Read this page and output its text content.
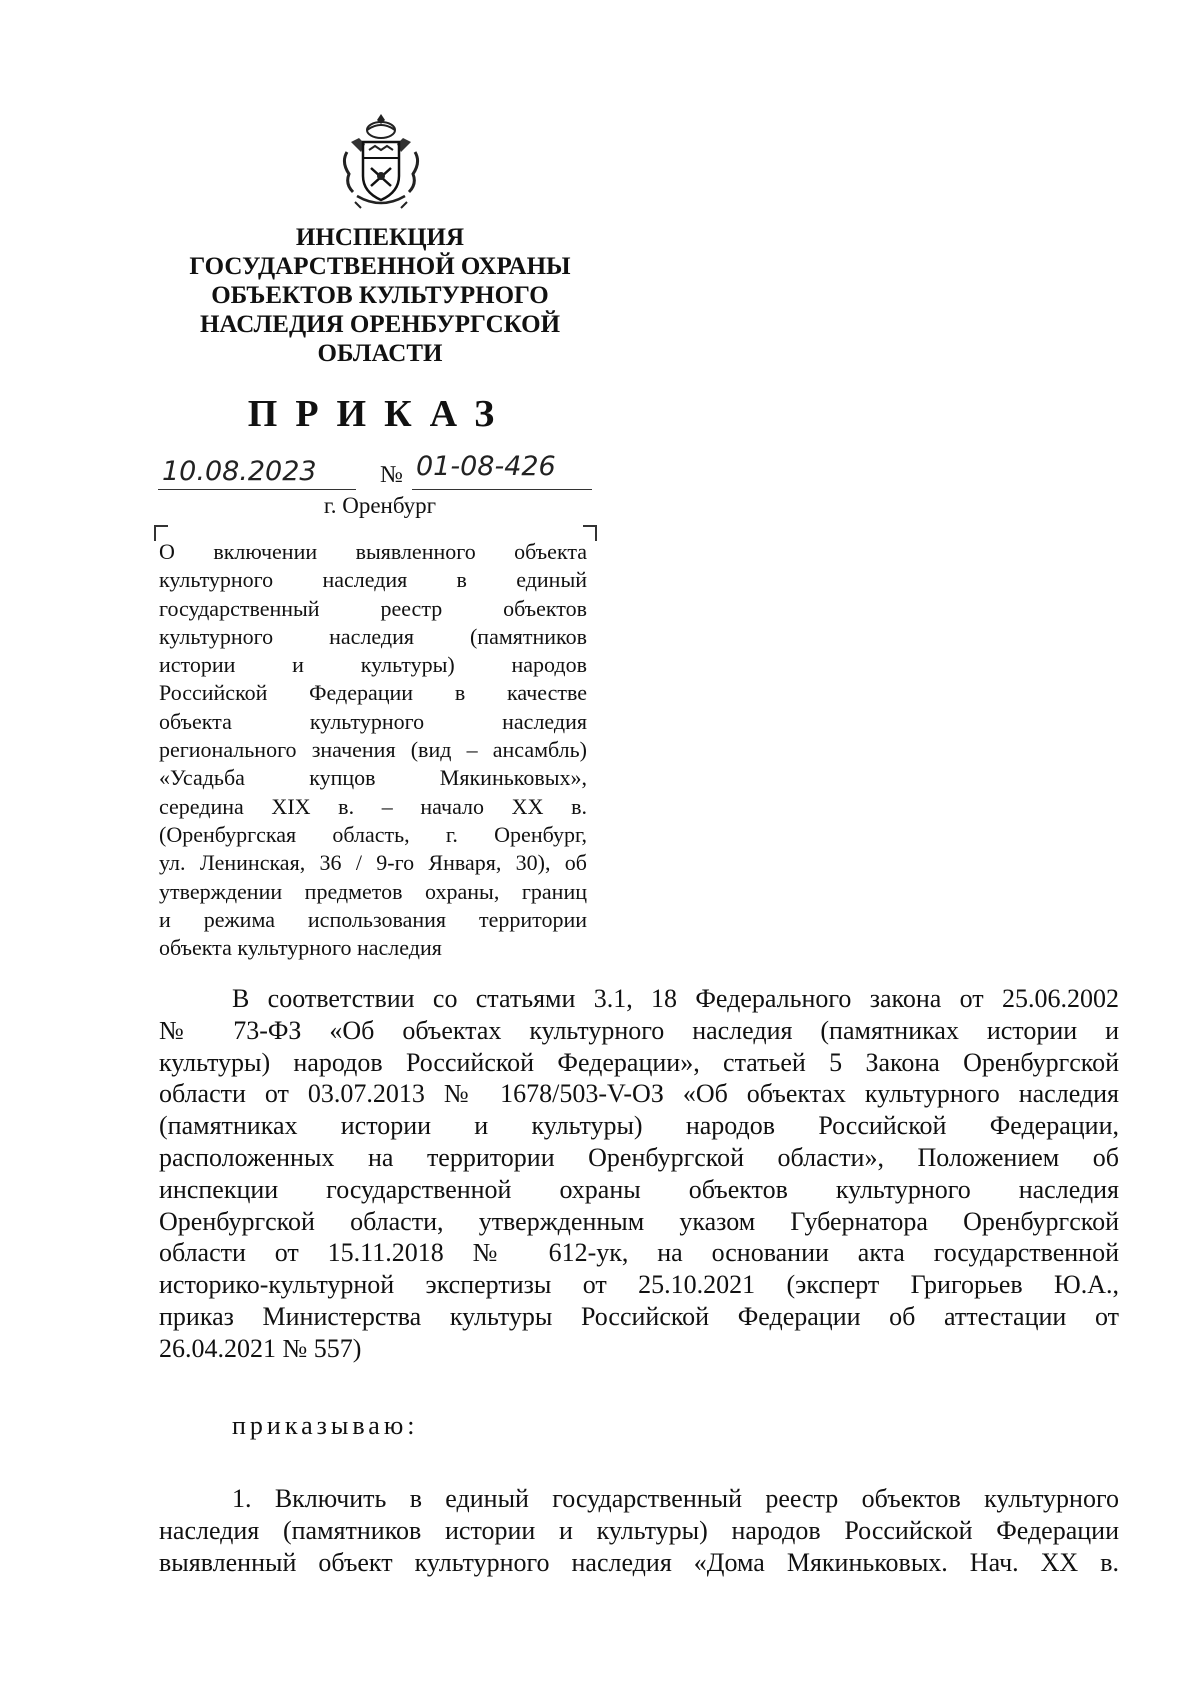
ИНСПЕКЦИЯ
ГОСУДАРСТВЕННОЙ ОХРАНЫ
ОБЪЕКТОВ КУЛЬТУРНОГО
НАСЛЕДИЯ ОРЕНБУРГСКОЙ
ОБЛАСТИ
ПРИКАЗ
10.08.2023	№ 01-08-426
г. Оренбург
О включении выявленного объекта
культурного наследия в единый
государственный реестр объектов
культурного наследия (памятников
истории и культуры) народов
Российской Федерации в качестве
объекта культурного наследия
регионального значения (вид – ансамбль)
«Усадьба купцов Мякиньковых»,
середина XIX в. – начало XX в.
(Оренбургская область, г. Оренбург,
ул. Ленинская, 36 / 9-го Января, 30), об
утверждении предметов охраны, границ
и режима использования территории
объекта культурного наследия
В соответствии со статьями 3.1, 18 Федерального закона от 25.06.2002
№ 73-ФЗ «Об объектах культурного наследия (памятниках истории и
культуры) народов Российской Федерации», статьей 5 Закона Оренбургской
области от 03.07.2013 № 1678/503-V-ОЗ «Об объектах культурного наследия
(памятниках истории и культуры) народов Российской Федерации,
расположенных на территории Оренбургской области», Положением об
инспекции государственной охраны объектов культурного наследия
Оренбургской области, утвержденным указом Губернатора Оренбургской
области от 15.11.2018 № 612-ук, на основании акта государственной
историко-культурной экспертизы от 25.10.2021 (эксперт Григорьев Ю.А.,
приказ Министерства культуры Российской Федерации об аттестации от
26.04.2021 № 557)
приказываю:
1. Включить в единый государственный реестр объектов культурного
наследия (памятников истории и культуры) народов Российской Федерации
выявленный объект культурного наследия «Дома Мякиньковых. Нач. XX в.
